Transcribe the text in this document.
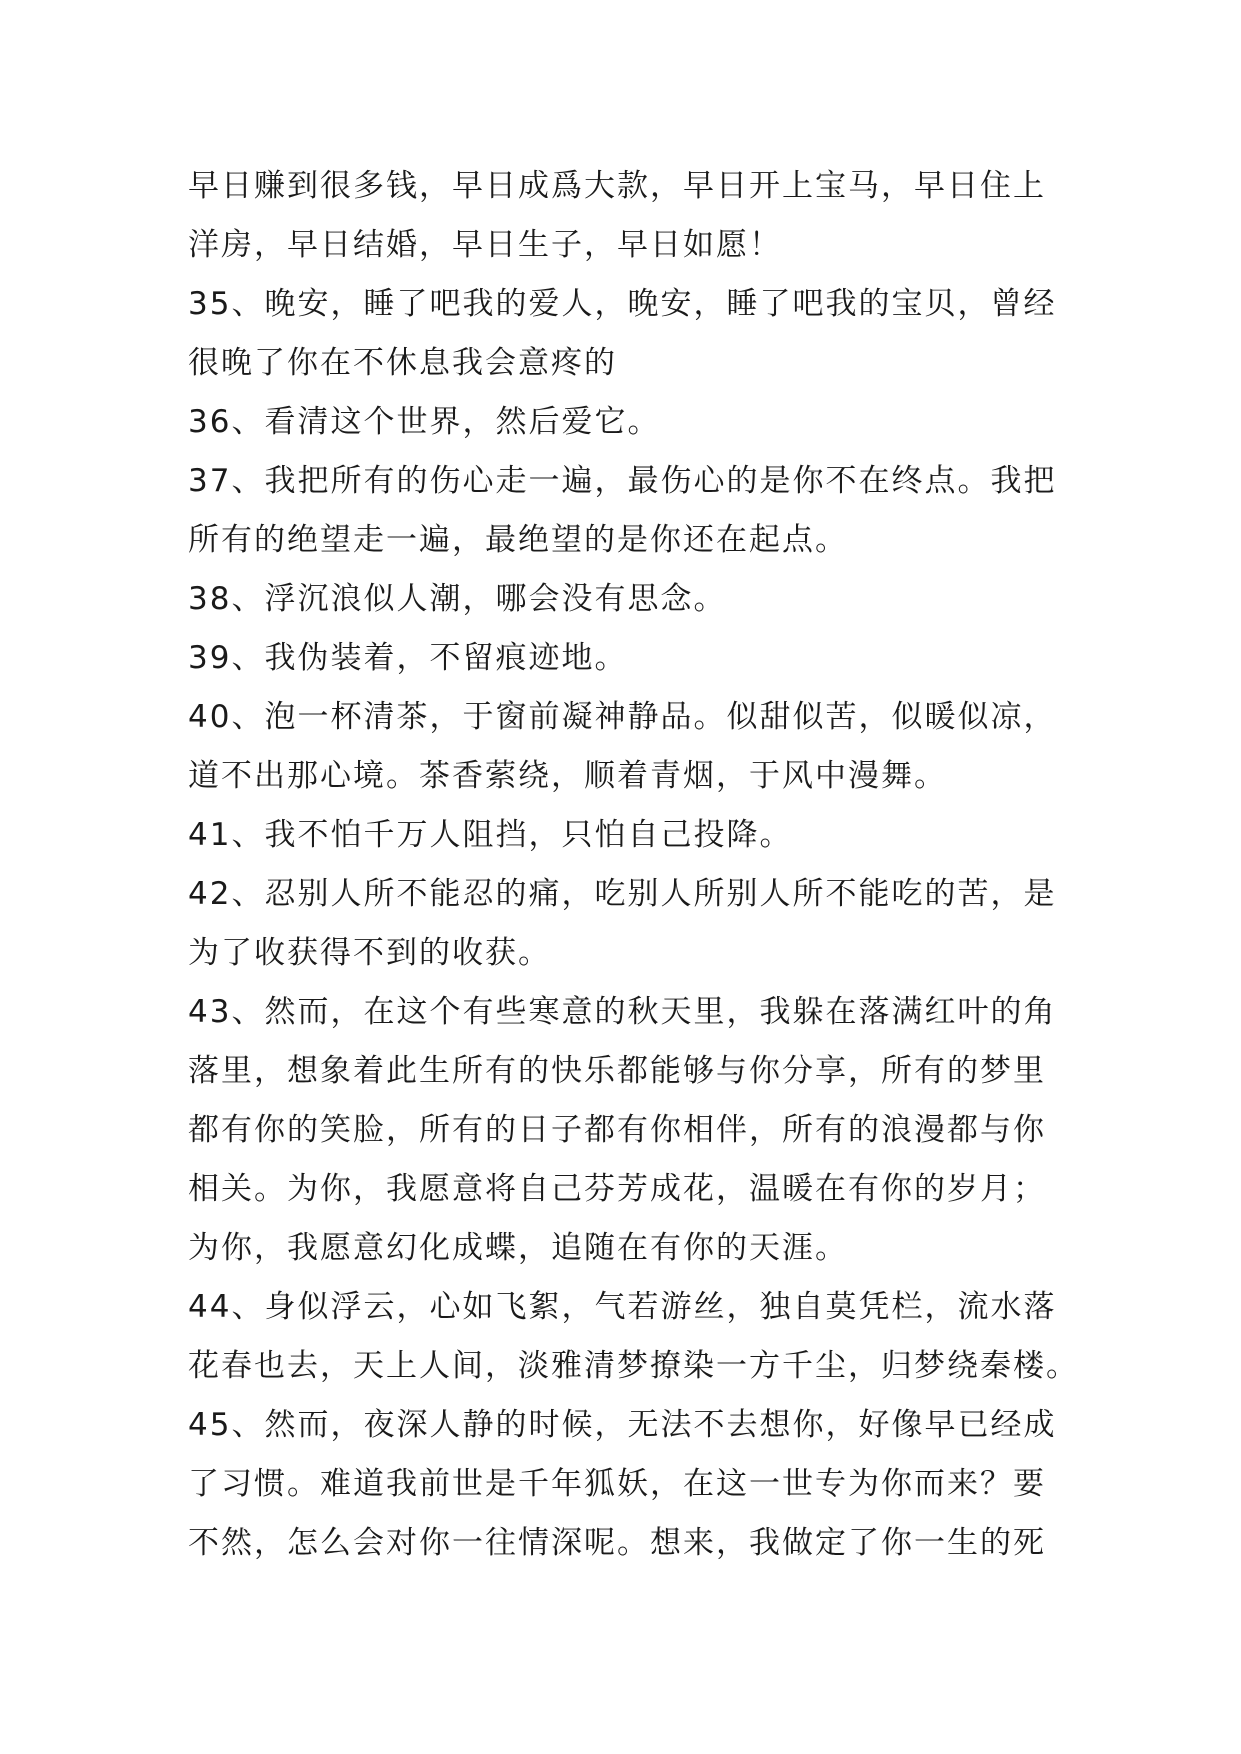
早日赚到很多钱，早日成爲大款，早日开上宝马，早日住上
洋房，早日结婚，早日生子，早日如愿！
35、晚安，睡了吧我的爱人，晚安，睡了吧我的宝贝，曾经
很晚了你在不休息我会意疼的
36、看清这个世界，然后爱它。
37、我把所有的伤心走一遍，最伤心的是你不在终点。我把
所有的绝望走一遍，最绝望的是你还在起点。
38、浮沉浪似人潮，哪会没有思念。
39、我伪装着，不留痕迹地。
40、泡一杯清茶，于窗前凝神静品。似甜似苦，似暖似凉，
道不出那心境。茶香萦绕，顺着青烟，于风中漫舞。
41、我不怕千万人阻挡，只怕自己投降。
42、忍别人所不能忍的痛，吃别人所别人所不能吃的苦，是
为了收获得不到的收获。
43、然而，在这个有些寒意的秋天里，我躲在落满红叶的角
落里，想象着此生所有的快乐都能够与你分享，所有的梦里
都有你的笑脸，所有的日子都有你相伴，所有的浪漫都与你
相关。为你，我愿意将自己芬芳成花，温暖在有你的岁月；
为你，我愿意幻化成蝶，追随在有你的天涯。
44、身似浮云，心如飞絮，气若游丝，独自莫凭栏，流水落
花春也去，天上人间，淡雅清梦撩染一方千尘，归梦绕秦楼。
45、然而，夜深人静的时候，无法不去想你，好像早已经成
了习惯。难道我前世是千年狐妖，在这一世专为你而来？要
不然，怎么会对你一往情深呢。想来，我做定了你一生的死
